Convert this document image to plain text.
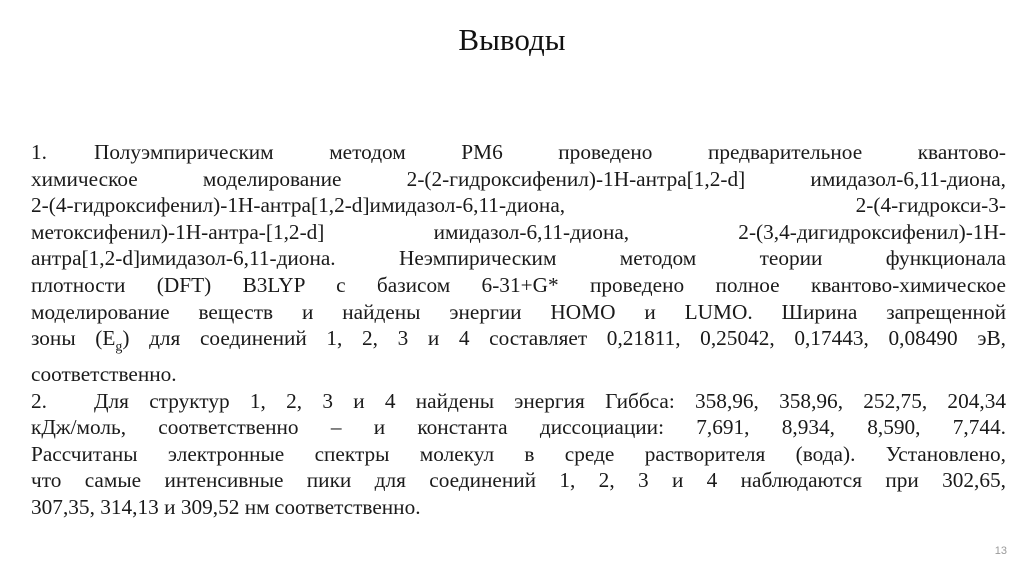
Выводы

1. Полуэмпирическим методом PM6 проведено предварительное квантово-
химическое моделирование 2-(2-гидроксифенил)-1Н-антра[1,2-d] имидазол-6,11-диона,
2-(4-гидроксифенил)-1Н-антра[1,2-d]имидазол-6,11-диона, 2-(4-гидрокси-3-
метоксифенил)-1Н-антра-[1,2-d] имидазол-6,11-диона, 2-(3,4-дигидроксифенил)-1Н-
антра[1,2-d]имидазол-6,11-диона. Неэмпирическим методом теории функционала
плотности (DFT) B3LYP с базисом 6-31+G* проведено полное квантово-химическое
моделирование веществ и найдены энергии HOMO и LUMO. Ширина запрещенной
зоны $(E_g)$ для соединений 1, 2, 3 и 4 составляет 0,21811, 0,25042, 0,17443, 0,08490 эВ,
соответственно.

2. Для структур 1, 2, 3 и 4 найдены энергия Гиббса: 358,96, 358,96, 252,75, 204,34
кДж/моль, соответственно – и константа диссоциации: 7,691, 8,934, 8,590, 7,744.
Рассчитаны электронные спектры молекул в среде растворителя (вода). Установлено,
что самые интенсивные пики для соединений 1, 2, 3 и 4 наблюдаются при 302,65,
307,35, 314,13 и 309,52 нм соответственно.

13
